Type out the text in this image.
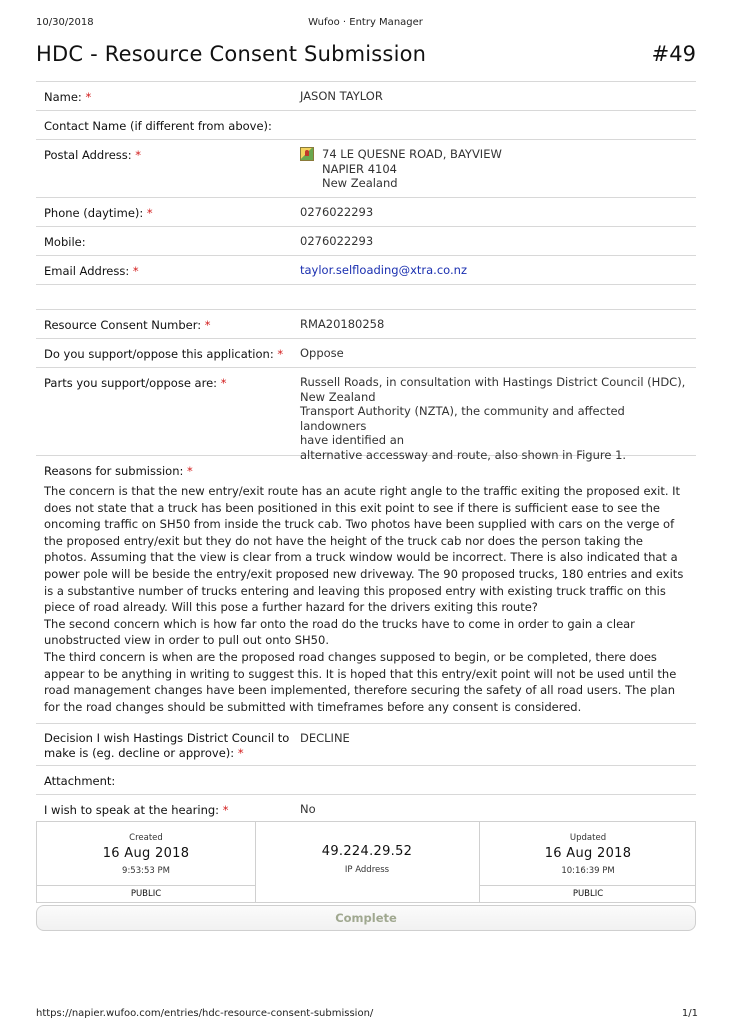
10/30/2018	Wufoo · Entry Manager
HDC - Resource Consent Submission	#49
Name: *	JASON TAYLOR
Contact Name (if different from above):
Postal Address: *	74 LE QUESNE ROAD, BAYVIEW
NAPIER 4104
New Zealand
Phone (daytime): *	0276022293
Mobile:	0276022293
Email Address: *	taylor.selfloading@xtra.co.nz
Resource Consent Number: *	RMA20180258
Do you support/oppose this application: * Oppose
Parts you support/oppose are: *	Russell Roads, in consultation with Hastings District Council (HDC),
New Zealand
Transport Authority (NZTA), the community and affected landowners
have identified an
alternative accessway and route, also shown in Figure 1.
Reasons for submission: *

The concern is that the new entry/exit route has an acute right angle to the traffic exiting the proposed exit. It does not state that a truck has been positioned in this exit point to see if there is sufficient ease to see the oncoming traffic on SH50 from inside the truck cab. Two photos have been supplied with cars on the verge of the proposed entry/exit but they do not have the height of the truck cab nor does the person taking the photos. Assuming that the view is clear from a truck window would be incorrect. There is also indicated that a power pole will be beside the entry/exit proposed new driveway. The 90 proposed trucks, 180 entries and exits is a substantive number of trucks entering and leaving this proposed entry with existing truck traffic on this piece of road already. Will this pose a further hazard for the drivers exiting this route?

The second concern which is how far onto the road do the trucks have to come in order to gain a clear unobstructed view in order to pull out onto SH50.

The third concern is when are the proposed road changes supposed to begin, or be completed, there does appear to be anything in writing to suggest this. It is hoped that this entry/exit point will not be used until the road management changes have been implemented, therefore securing the safety of all road users. The plan for the road changes should be submitted with timeframes before any consent is considered.

Decision I wish Hastings District Council to
make is (eg. decline or approve): *
DECLINE
Attachment:
I wish to speak at the hearing: *	No
Created
16 Aug 2018
9:53:53 PM
PUBLIC
49.224.29.52
IP Address
Updated
16 Aug 2018
10:16:39 PM
PUBLIC
Complete
https://napier.wufoo.com/entries/hdc-resource-consent-submission/	1/1
